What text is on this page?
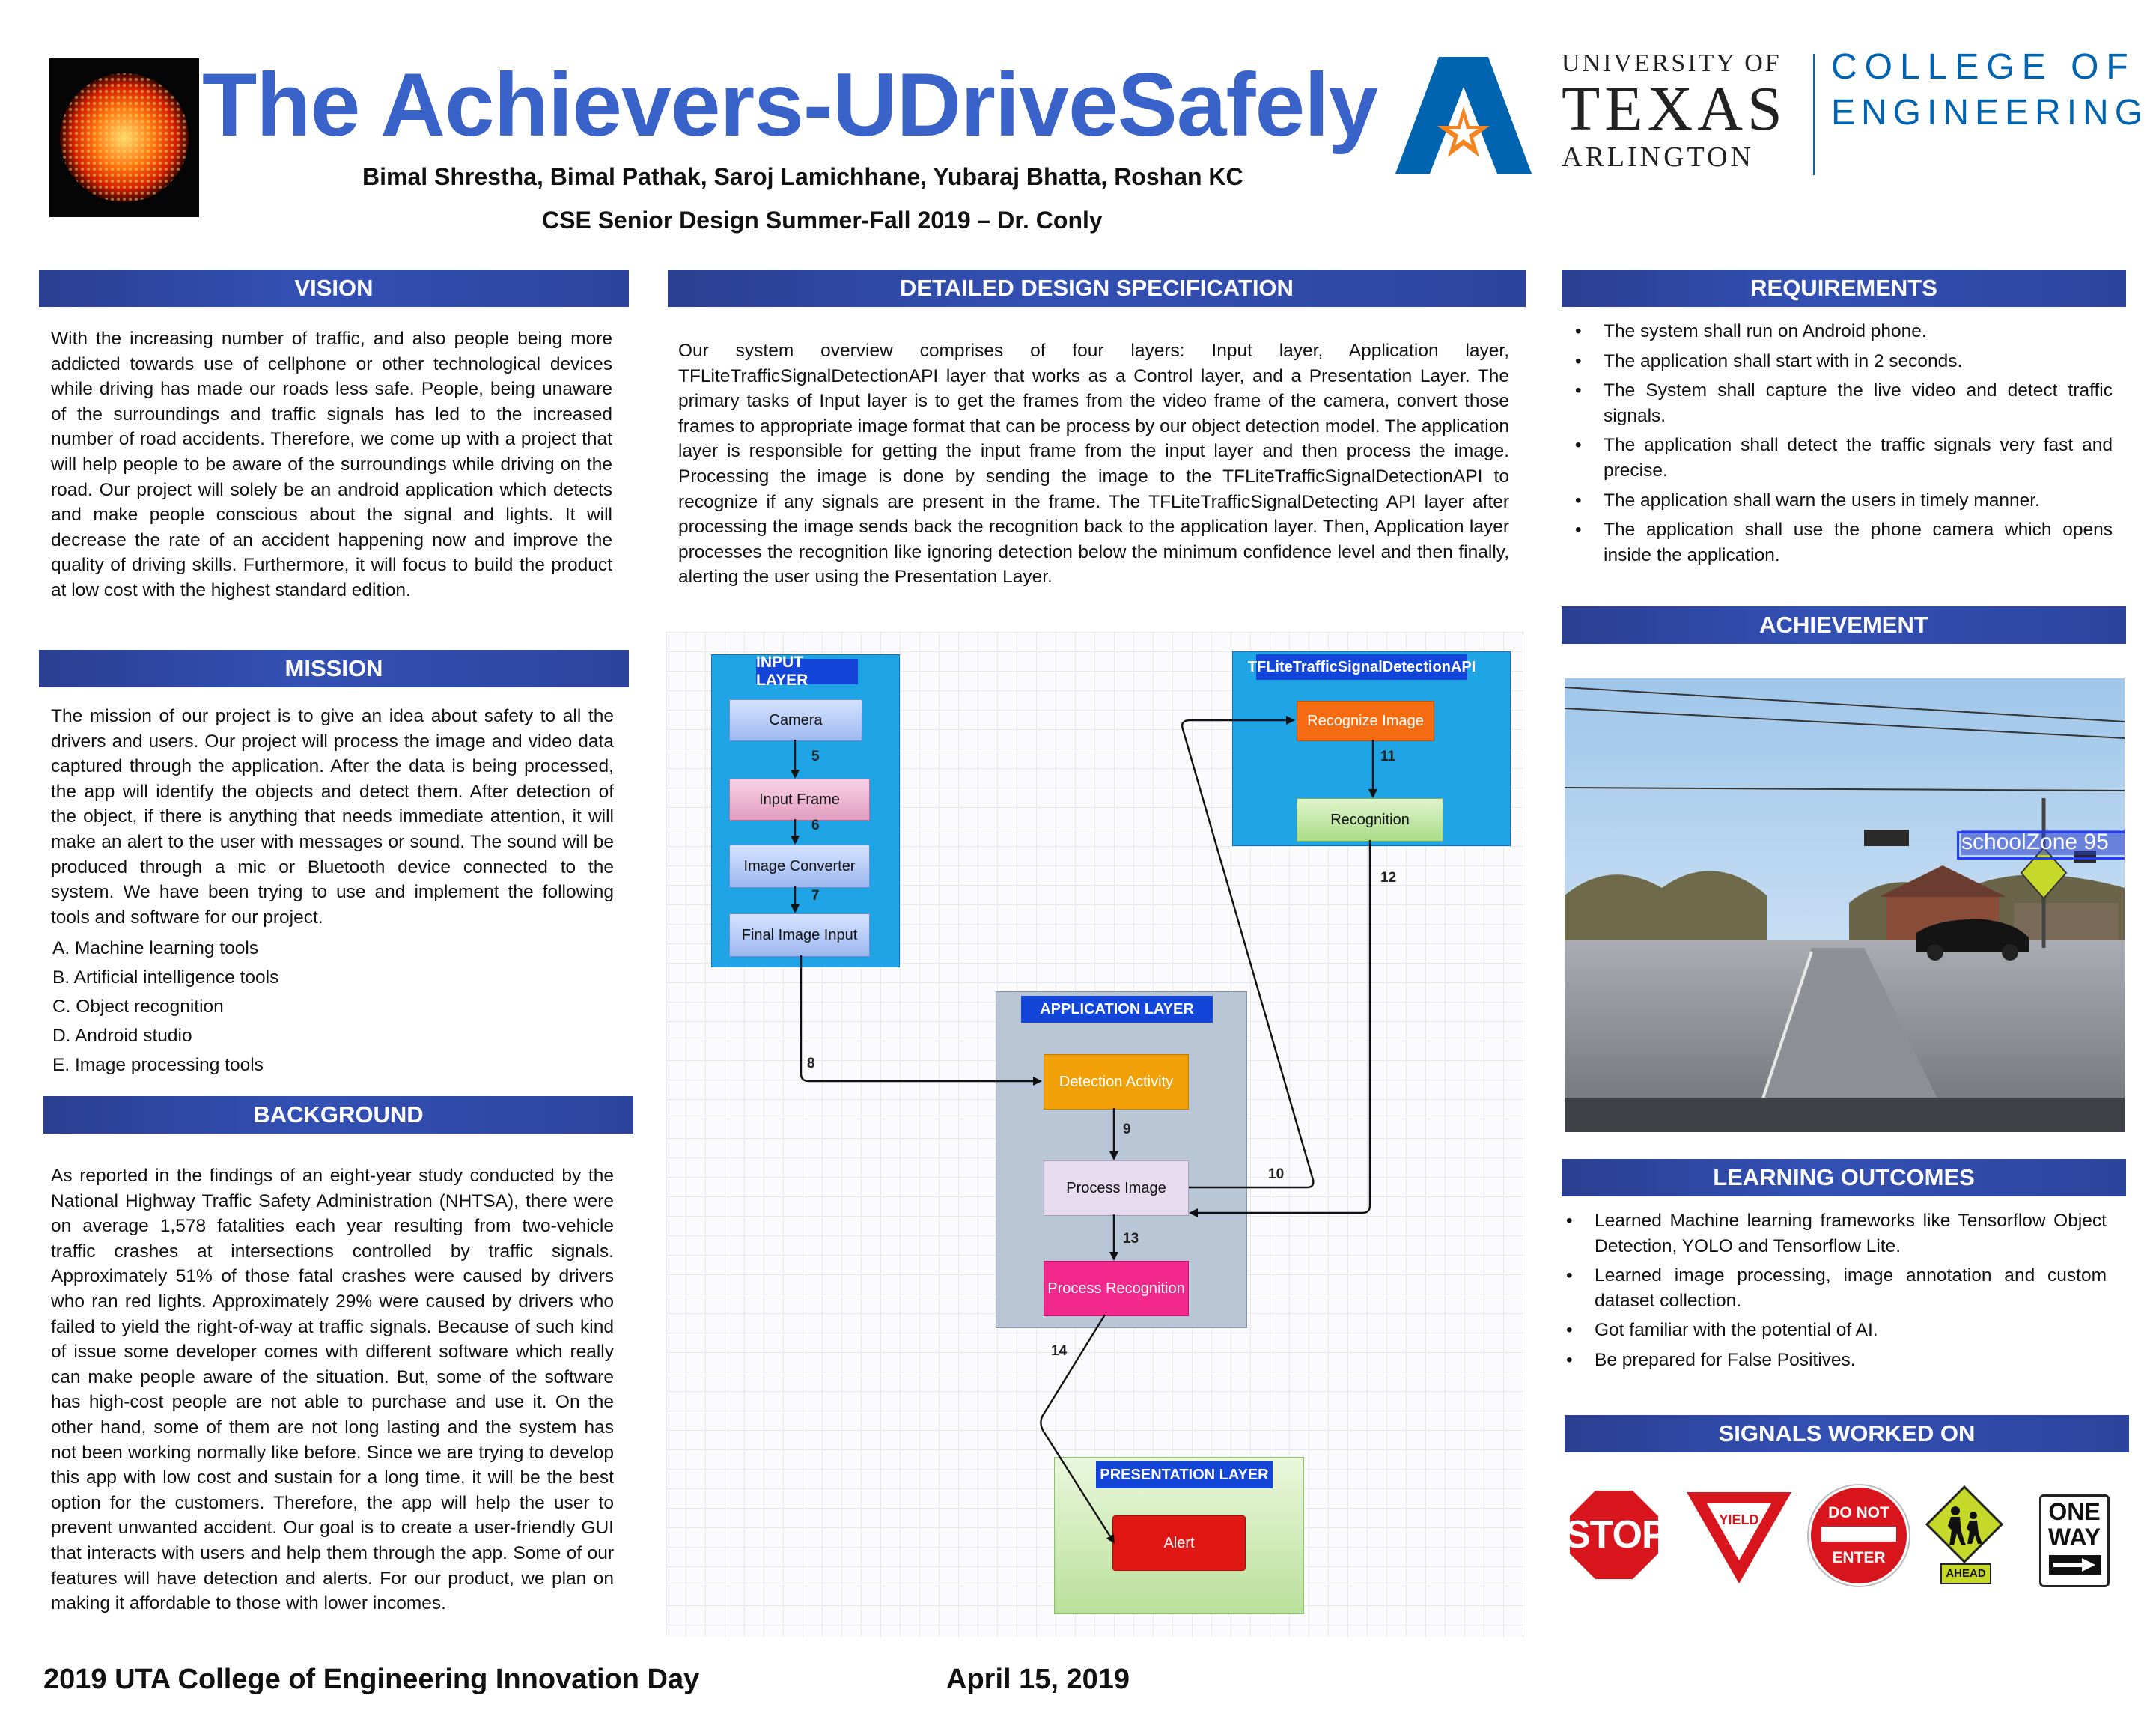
The Achievers-UDriveSafely
Bimal Shrestha, Bimal Pathak, Saroj Lamichhane, Yubaraj Bhatta, Roshan KC
CSE Senior Design Summer-Fall 2019 – Dr. Conly
UNIVERSITY OF
TEXAS
ARLINGTON
COLLEGE OF
ENGINEERING
VISION

With the increasing number of traffic, and also people being more addicted towards use of cellphone or other technological devices while driving has made our roads less safe. People, being unaware of the surroundings and traffic signals has led to the increased number of road accidents. Therefore, we come up with a project that will help people to be aware of the surroundings while driving on the road. Our project will solely be an android application which detects and make people conscious about the signal and lights. It will decrease the rate of an accident happening now and improve the quality of driving skills. Furthermore, it will focus to build the product at low cost with the highest standard edition.

MISSION

The mission of our project is to give an idea about safety to all the drivers and users. Our project will process the image and video data captured through the application. After the data is being processed, the app will identify the objects and detect them. After detection of the object, if there is anything that needs immediate attention, it will make an alert to the user with messages or sound. The sound will be produced through a mic or Bluetooth device connected to the system. We have been trying to use and implement the following tools and software for our project.

A. Machine learning tools
B. Artificial intelligence tools
C. Object recognition
D. Android studio
E. Image processing tools
BACKGROUND

As reported in the findings of an eight-year study conducted by the National Highway Traffic Safety Administration (NHTSA), there were on average 1,578 fatalities each year resulting from two-vehicle traffic crashes at intersections controlled by traffic signals. Approximately 51% of those fatal crashes were caused by drivers who ran red lights. Approximately 29% were caused by drivers who failed to yield the right-of-way at traffic signals. Because of such kind of issue some developer comes with different software which really can make people aware of the situation. But, some of the software has high-cost people are not able to purchase and use it. On the other hand, some of them are not long lasting and the system has not been working normally like before. Since we are trying to develop this app with low cost and sustain for a long time, it will be the best option for the customers. Therefore, the app will help the user to prevent unwanted accident. Our goal is to create a user-friendly GUI that interacts with users and help them through the app. Some of our features will have detection and alerts. For our product, we plan on making it affordable to those with lower incomes.

DETAILED DESIGN SPECIFICATION

Our system overview comprises of four layers: Input layer, Application layer, TFLiteTrafficSignalDetectionAPI layer that works as a Control layer, and a Presentation Layer. The primary tasks of Input layer is to get the frames from the video frame of the camera, convert those frames to appropriate image format that can be process by our object detection model. The application layer is responsible for getting the input frame from the input layer and then process the image. Processing the image is done by sending the image to the TFLiteTrafficSignalDetectionAPI to recognize if any signals are present in the frame. The TFLiteTrafficSignalDetecting API layer after processing the image sends back the recognition back to the application layer. Then, Application layer processes the recognition like ignoring detection below the minimum confidence level and then finally, alerting the user using the Presentation Layer.

INPUT LAYER
Camera
Input Frame
Image Converter
Final Image Input
TFLiteTrafficSignalDetectionAPI
Recognize Image
Recognition
APPLICATION LAYER
Detection Activity
Process Image
Process Recognition
PRESENTATION LAYER
Alert
5
6
7
8
9
10
11
12
13
14
REQUIREMENTS
• The system shall run on Android phone.
• The application shall start with in 2 seconds.
• The System shall capture the live video and detect traffic signals.
• The application shall detect the traffic signals very fast and precise.
• The application shall warn the users in timely manner.
• The application shall use the phone camera which opens inside the application.
ACHIEVEMENT
schoolZone 95
LEARNING OUTCOMES
• Learned Machine learning frameworks like Tensorflow Object Detection, YOLO and Tensorflow Lite.
• Learned image processing, image annotation and custom dataset collection.
• Got familiar with the potential of AI.
• Be prepared for False Positives.
SIGNALS WORKED ON
STOP	YIELD	DO NOT
ENTER
AHEAD
ONE
WAY
2019 UTA College of Engineering Innovation Day	April 15, 2019
